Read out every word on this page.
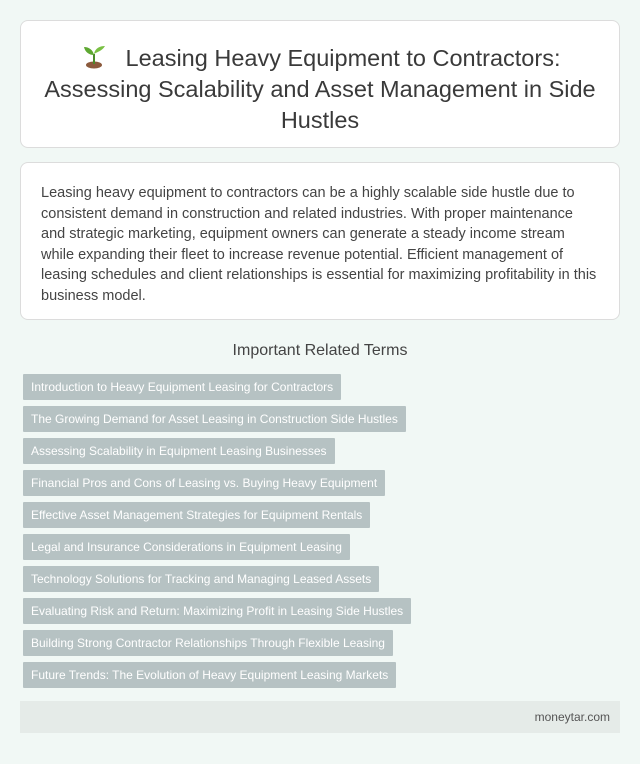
Leasing Heavy Equipment to Contractors: Assessing Scalability and Asset Management in Side Hustles

Leasing heavy equipment to contractors can be a highly scalable side hustle due to consistent demand in construction and related industries. With proper maintenance and strategic marketing, equipment owners can generate a steady income stream while expanding their fleet to increase revenue potential. Efficient management of leasing schedules and client relationships is essential for maximizing profitability in this business model.

Important Related Terms
Introduction to Heavy Equipment Leasing for Contractors
The Growing Demand for Asset Leasing in Construction Side Hustles
Assessing Scalability in Equipment Leasing Businesses
Financial Pros and Cons of Leasing vs. Buying Heavy Equipment
Effective Asset Management Strategies for Equipment Rentals
Legal and Insurance Considerations in Equipment Leasing
Technology Solutions for Tracking and Managing Leased Assets
Evaluating Risk and Return: Maximizing Profit in Leasing Side Hustles
Building Strong Contractor Relationships Through Flexible Leasing
Future Trends: The Evolution of Heavy Equipment Leasing Markets
moneytar.com
